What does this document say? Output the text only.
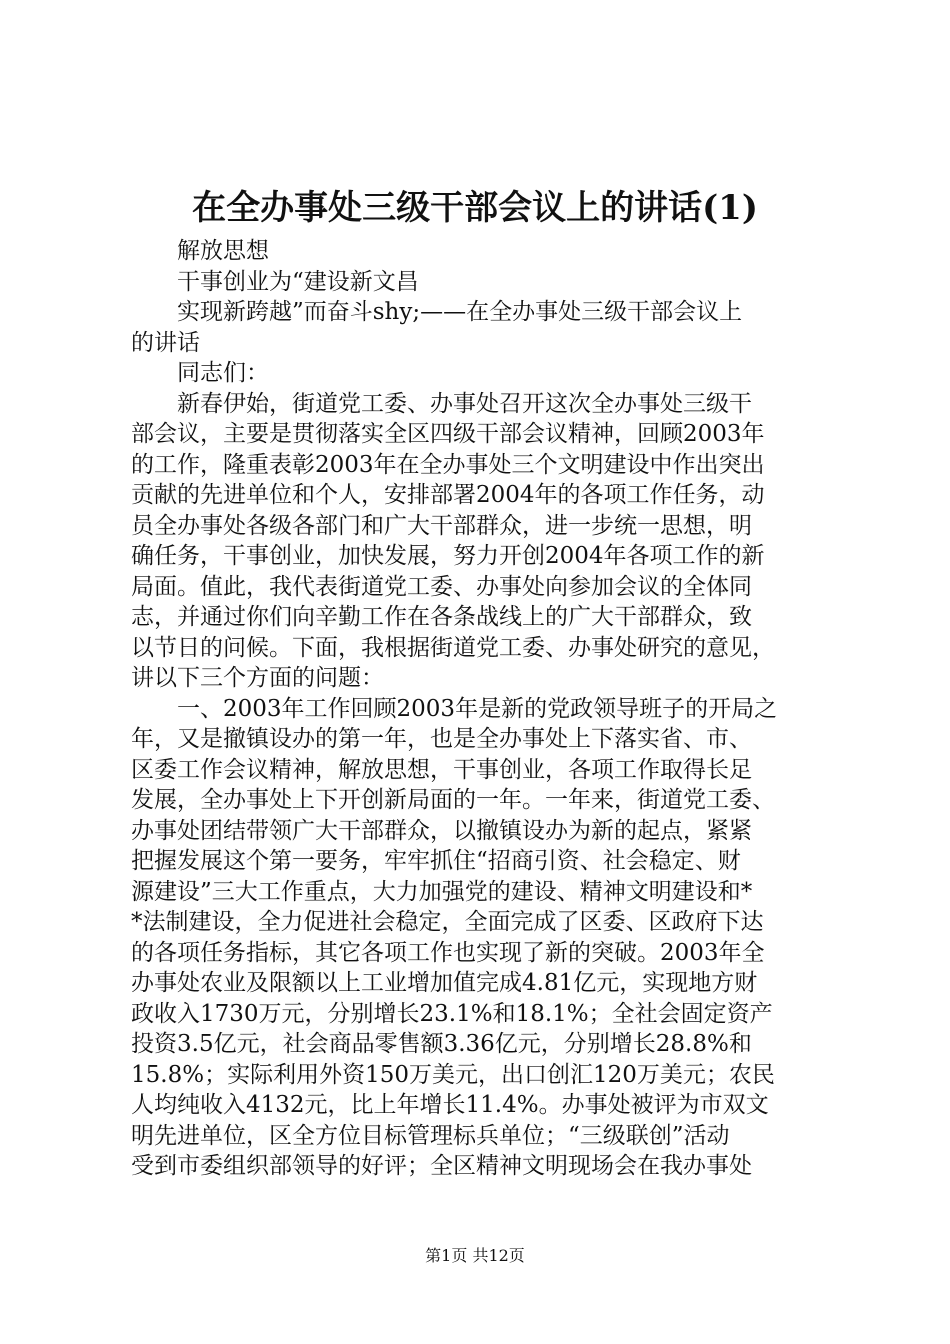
在全办事处三级干部会议上的讲话(1)
解放思想
干事创业为“建设新文昌
实现新跨越”而奋斗shy;——在全办事处三级干部会议上
的讲话
同志们：
新春伊始，街道党工委、办事处召开这次全办事处三级干
部会议，主要是贯彻落实全区四级干部会议精神，回顾2003年
的工作，隆重表彰2003年在全办事处三个文明建设中作出突出
贡献的先进单位和个人，安排部署2004年的各项工作任务，动
员全办事处各级各部门和广大干部群众，进一步统一思想，明
确任务，干事创业，加快发展，努力开创2004年各项工作的新
局面。值此，我代表街道党工委、办事处向参加会议的全体同
志，并通过你们向辛勤工作在各条战线上的广大干部群众，致
以节日的问候。下面，我根据街道党工委、办事处研究的意见，
讲以下三个方面的问题：
一、2003年工作回顾2003年是新的党政领导班子的开局之
年，又是撤镇设办的第一年，也是全办事处上下落实省、市、
区委工作会议精神，解放思想，干事创业，各项工作取得长足
发展，全办事处上下开创新局面的一年。一年来，街道党工委、
办事处团结带领广大干部群众，以撤镇设办为新的起点，紧紧
把握发展这个第一要务，牢牢抓住“招商引资、社会稳定、财
源建设”三大工作重点，大力加强党的建设、精神文明建设和*
*法制建设，全力促进社会稳定，全面完成了区委、区政府下达
的各项任务指标，其它各项工作也实现了新的突破。2003年全
办事处农业及限额以上工业增加值完成4.81亿元，实现地方财
政收入1730万元，分别增长23.1%和18.1%；全社会固定资产
投资3.5亿元，社会商品零售额3.36亿元，分别增长28.8%和
15.8%；实际利用外资150万美元，出口创汇120万美元；农民
人均纯收入4132元，比上年增长11.4%。办事处被评为市双文
明先进单位，区全方位目标管理标兵单位；“三级联创”活动
受到市委组织部领导的好评；全区精神文明现场会在我办事处
第1页 共12页
